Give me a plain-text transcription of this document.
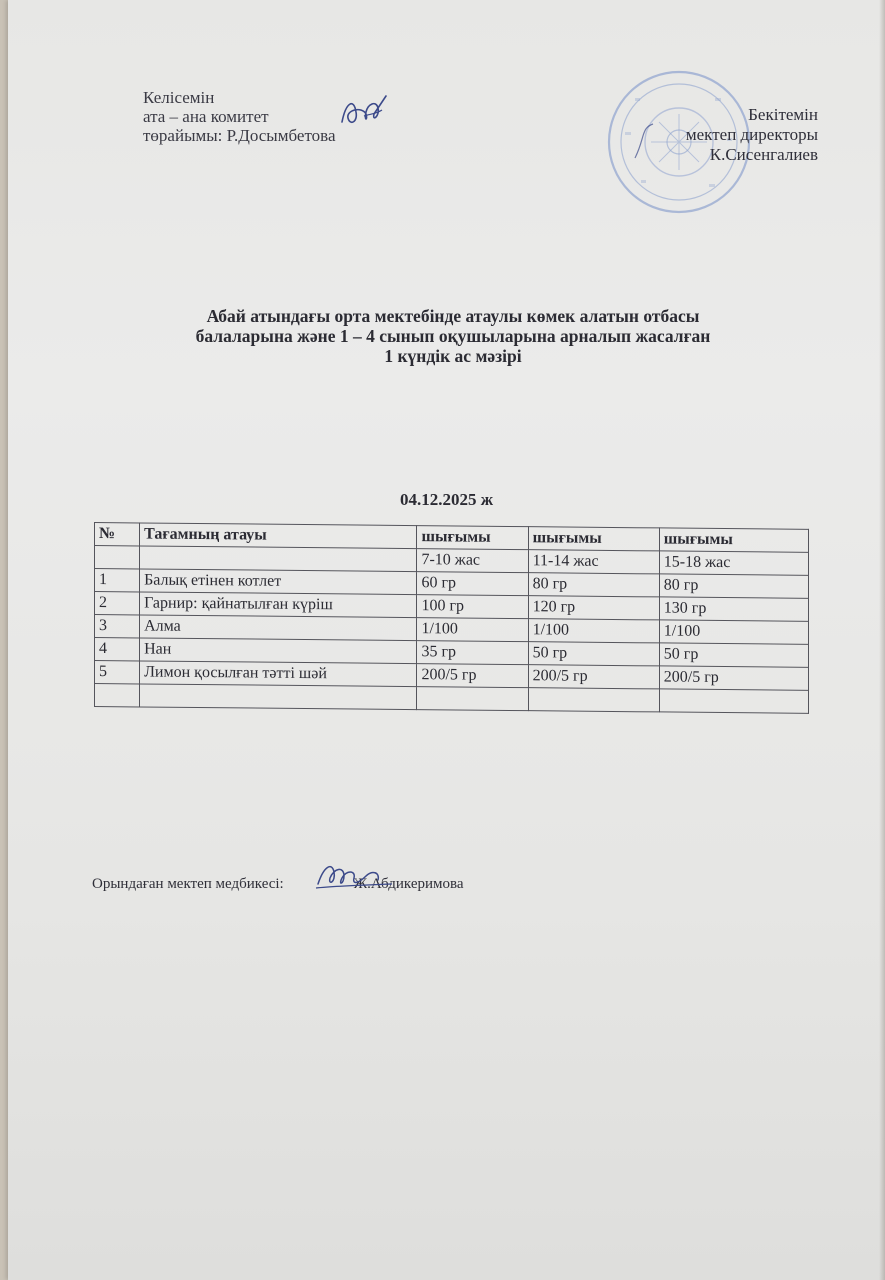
Келісемін
ата – ана комитет
төрайымы: Р.Досымбетова
Бекітемін
мектеп директоры
К.Сисенгалиев
Абай атындағы орта мектебінде атаулы көмек алатын отбасы
балаларына және 1 – 4 сынып оқушыларына арналып жасалған
1 күндік ас мәзірі
04.12.2025 ж
№	Тағамның атауы	шығымы	шығымы	шығымы
		7-10 жас	11-14 жас	15-18 жас
1	Балық етінен котлет	60 гр	80 гр	80 гр
2	Гарнир: қайнатылған күріш	100 гр	120 гр	130 гр
3	Алма	1/100	1/100	1/100
4	Нан	35 гр	50 гр	50 гр
5	Лимон қосылған тәтті шәй	200/5 гр	200/5 гр	200/5 гр

Орындаған мектеп медбикесі:	Ж.Абдикеримова
